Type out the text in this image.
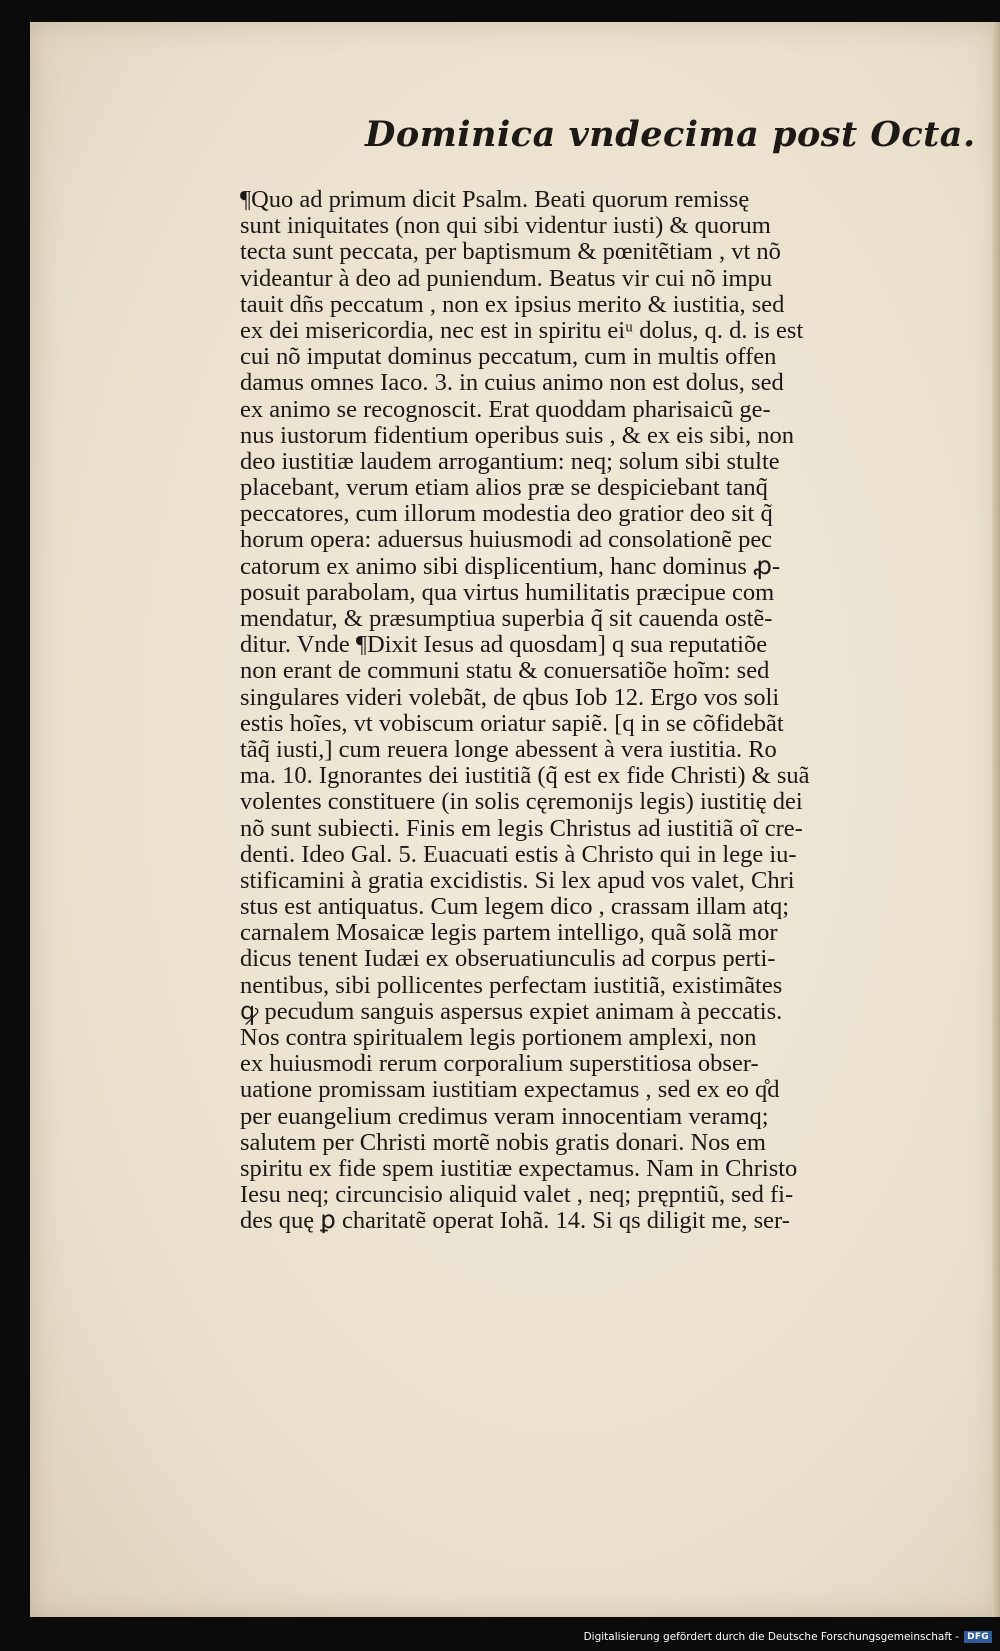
Dominica vndecima post Octa.
¶Quo ad primum dicit Psalm. Beati quorum remissę
sunt iniquitates (non qui sibi videntur iusti) & quorum
tecta sunt peccata, per baptismum & pœnitẽtiam , vt nõ
videantur à deo ad puniendum. Beatus vir cui nõ impu
tauit dñs peccatum , non ex ipsius merito & iustitia, sed
ex dei misericordia, nec est in spiritu eiᵘ dolus, q. d. is est
cui nõ imputat dominus peccatum, cum in multis offen
damus omnes Iaco. 3. in cuius animo non est dolus, sed
ex animo se recognoscit. Erat quoddam pharisaicũ ge-
nus iustorum fidentium operibus suis , & ex eis sibi, non
deo iustitiæ laudem arrogantium: neq; solum sibi stulte
placebant, verum etiam alios præ se despiciebant tanq̃
peccatores, cum illorum modestia deo gratior deo sit q̃
horum opera: aduersus huiusmodi ad consolationẽ pec
catorum ex animo sibi displicentium, hanc dominus ꝓ-
posuit parabolam, qua virtus humilitatis præcipue com
mendatur, & præsumptiua superbia q̃ sit cauenda ostẽ-
ditur. Vnde ¶Dixit Iesus ad quosdam] q sua reputatiõe
non erant de communi statu & conuersatiõe hoĩm: sed
singulares videri volebãt, de qbus Iob 12. Ergo vos soli
estis hoĩes, vt vobiscum oriatur sapiẽ. [q in se cõfidebãt
tãq̃ iusti,] cum reuera longe abessent à vera iustitia. Ro
ma. 10. Ignorantes dei iustitiã (q̃ est ex fide Christi) & suã
volentes constituere (in solis cęremonijs legis) iustitię dei
nõ sunt subiecti. Finis em legis Christus ad iustitiã oĩ cre-
denti. Ideo Gal. 5. Euacuati estis à Christo qui in lege iu-
stificamini à gratia excidistis. Si lex apud vos valet, Chri
stus est antiquatus. Cum legem dico , crassam illam atq;
carnalem Mosaicæ legis partem intelligo, quã solã mor
dicus tenent Iudæi ex obseruatiunculis ad corpus perti-
nentibus, sibi pollicentes perfectam iustitiã, existimãtes
ꝙ pecudum sanguis aspersus expiet animam à peccatis.
Nos contra spiritualem legis portionem amplexi, non
ex huiusmodi rerum corporalium superstitiosa obser-
uatione promissam iustitiam expectamus , sed ex eo q̊d
per euangelium credimus veram innocentiam veramq;
salutem per Christi mortẽ nobis gratis donari. Nos em
spiritu ex fide spem iustitiæ expectamus. Nam in Christo
Iesu neq; circuncisio aliquid valet , neq; prępntiũ, sed fi-
des quę ꝑ charitatẽ operat Iohã. 14. Si qs diligit me, ser-
Digitalisierung gefördert durch die Deutsche Forschungsgemeinschaft - DFG
